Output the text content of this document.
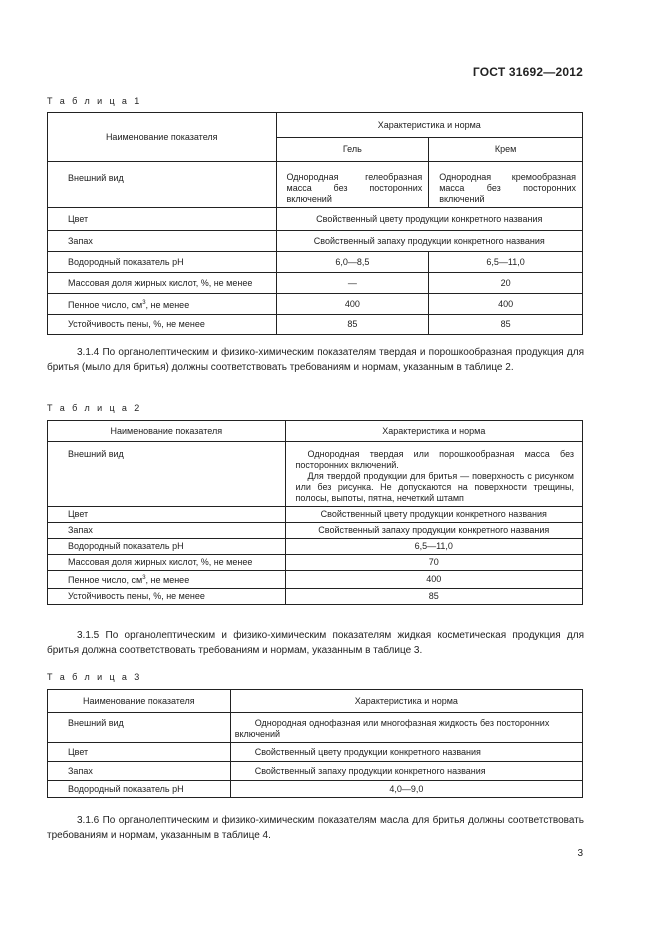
ГОСТ 31692—2012
Т а б л и ц а 1
Наименование показателя	Характеристика и норма	
	Гель	Крем
Внешний вид	Однородная гелеобразная масса без посторонних включений	Однородная кремообразная масса без посторонних включений
Цвет	Свойственный цвету продукции конкретного названия	
Запах	Свойственный запаху продукции конкретного названия	
Водородный показатель рН	6,0—8,5	6,5—11,0
Массовая доля жирных кислот, %, не менее	—	20
Пенное число, $см^3$, не менее	400	400
Устойчивость пены, %, не менее	85	85
3.1.4 По органолептическим и физико-химическим показателям твердая и порошкообразная продукция для бритья (мыло для бритья) должны соответствовать требованиям и нормам, указанным в таблице 2.
Т а б л и ц а 2
Наименование показателя	Характеристика и норма
Внешний вид	Однородная твердая или порошкообразная масса без посторонних включений.
Для твердой продукции для бритья — поверхность с рисунком или без рисунка. Не допускаются на поверхности трещины, полосы, выпоты, пятна, нечеткий штамп

Цвет	Свойственный цвету продукции конкретного названия
Запах	Свойственный запаху продукции конкретного названия
Водородный показатель рН	6,5—11,0
Массовая доля жирных кислот, %, не менее	70
Пенное число, $см^3$, не менее	400
Устойчивость пены, %, не менее	85
3.1.5 По органолептическим и физико-химическим показателям жидкая косметическая продукция для бритья должна соответствовать требованиям и нормам, указанным в таблице 3.
Т а б л и ц а 3
Наименование показателя	Характеристика и норма
Внешний вид	Однородная однофазная или многофазная жидкость без посторонних включений
Цвет	Свойственный цвету продукции конкретного названия
Запах	Свойственный запаху продукции конкретного названия
Водородный показатель рН	4,0—9,0
3.1.6 По органолептическим и физико-химическим показателям масла для бритья должны соответствовать требованиям и нормам, указанным в таблице 4.
3
